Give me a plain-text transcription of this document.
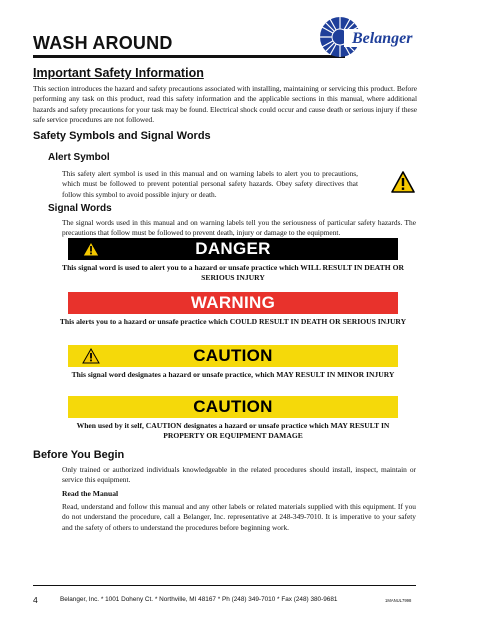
WASH AROUND	Belanger
Important Safety Information
This section introduces the hazard and safety precautions associated with installing, maintaining or servicing this product. Before performing any task on this product, read this safety information and the applicable sections in this manual, where additional hazards and safety precautions for your task may be found. Electrical shock could occur and cause death or serious injury if these safe service procedures are not followed.
Safety Symbols and Signal Words
Alert Symbol
This safety alert symbol is used in this manual and on warning labels to alert you to precautions, which must be followed to prevent potential personal safety hazards. Obey safety directives that follow this symbol to avoid possible injury or death.
Signal Words
The signal words used in this manual and on warning labels tell you the seriousness of particular safety hazards. The precautions that follow must be followed to prevent death, injury or damage to the equipment.
DANGER
This signal word is used to alert you to a hazard or unsafe practice which WILL RESULT IN DEATH OR SERIOUS INJURY
WARNING
This alerts you to a hazard or unsafe practice which COULD RESULT IN DEATH OR SERIOUS INJURY
CAUTION
This signal word designates a hazard or unsafe practice, which MAY RESULT IN MINOR INJURY
CAUTION
When used by it self, CAUTION designates a hazard or unsafe practice which MAY RESULT IN PROPERTY OR EQUIPMENT DAMAGE
Before You Begin
Only trained or authorized individuals knowledgeable in the related procedures should install, inspect, maintain or service this equipment.
Read the Manual
Read, understand and follow this manual and any other labels or related materials supplied with this equipment. If you do not understand the procedure, call a Belanger, Inc. representative at 248-349-7010. It is imperative to your safety and the safety of others to understand the procedures before beginning work.
4	Belanger, Inc. * 1001 Doheny Ct. * Northville, MI 48167 * Ph (248) 349-7010 * Fax (248) 380-9681	1MANUL7998
